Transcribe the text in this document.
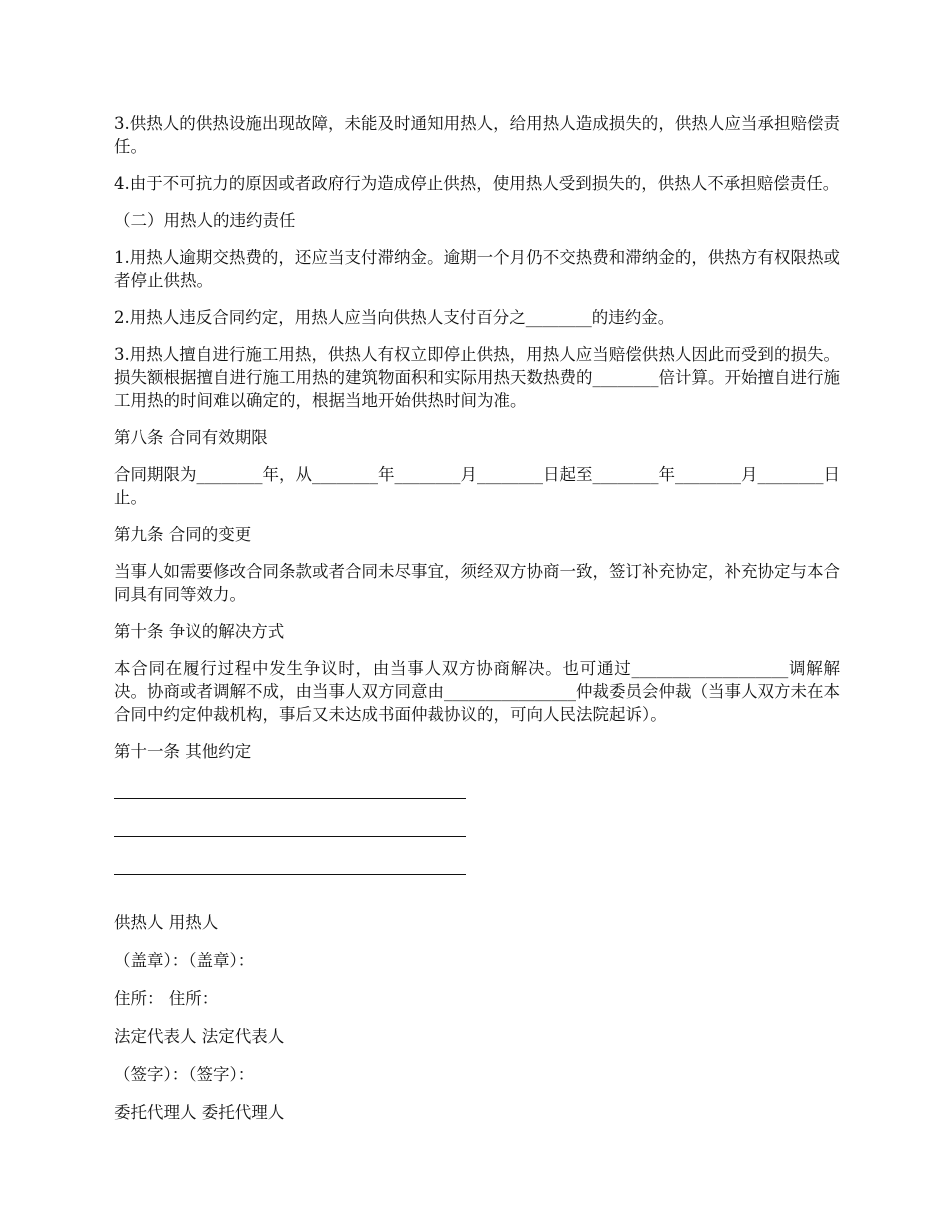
3.供热人的供热设施出现故障，未能及时通知用热人，给用热人造成损失的，供热人应当承担赔偿责任。

4.由于不可抗力的原因或者政府行为造成停止供热，使用热人受到损失的，供热人不承担赔偿责任。

（二）用热人的违约责任

1.用热人逾期交热费的，还应当支付滞纳金。逾期一个月仍不交热费和滞纳金的，供热方有权限热或者停止供热。

2.用热人违反合同约定，用热人应当向供热人支付百分之________的违约金。

3.用热人擅自进行施工用热，供热人有权立即停止供热，用热人应当赔偿供热人因此而受到的损失。损失额根据擅自进行施工用热的建筑物面积和实际用热天数热费的________倍计算。开始擅自进行施工用热的时间难以确定的，根据当地开始供热时间为准。

第八条 合同有效期限

合同期限为________年，从________年________月________日起至________年________月________日止。

第九条 合同的变更

当事人如需要修改合同条款或者合同未尽事宜，须经双方协商一致，签订补充协定，补充协定与本合同具有同等效力。

第十条 争议的解决方式

本合同在履行过程中发生争议时，由当事人双方协商解决。也可通过___________________调解解决。协商或者调解不成，由当事人双方同意由________________仲裁委员会仲裁（当事人双方未在本合同中约定仲裁机构，事后又未达成书面仲裁协议的，可向人民法院起诉）。

第十一条 其他约定

供热人 用热人

（盖章）：（盖章）：

住所： 住所：

法定代表人 法定代表人

（签字）：（签字）：

委托代理人 委托代理人
